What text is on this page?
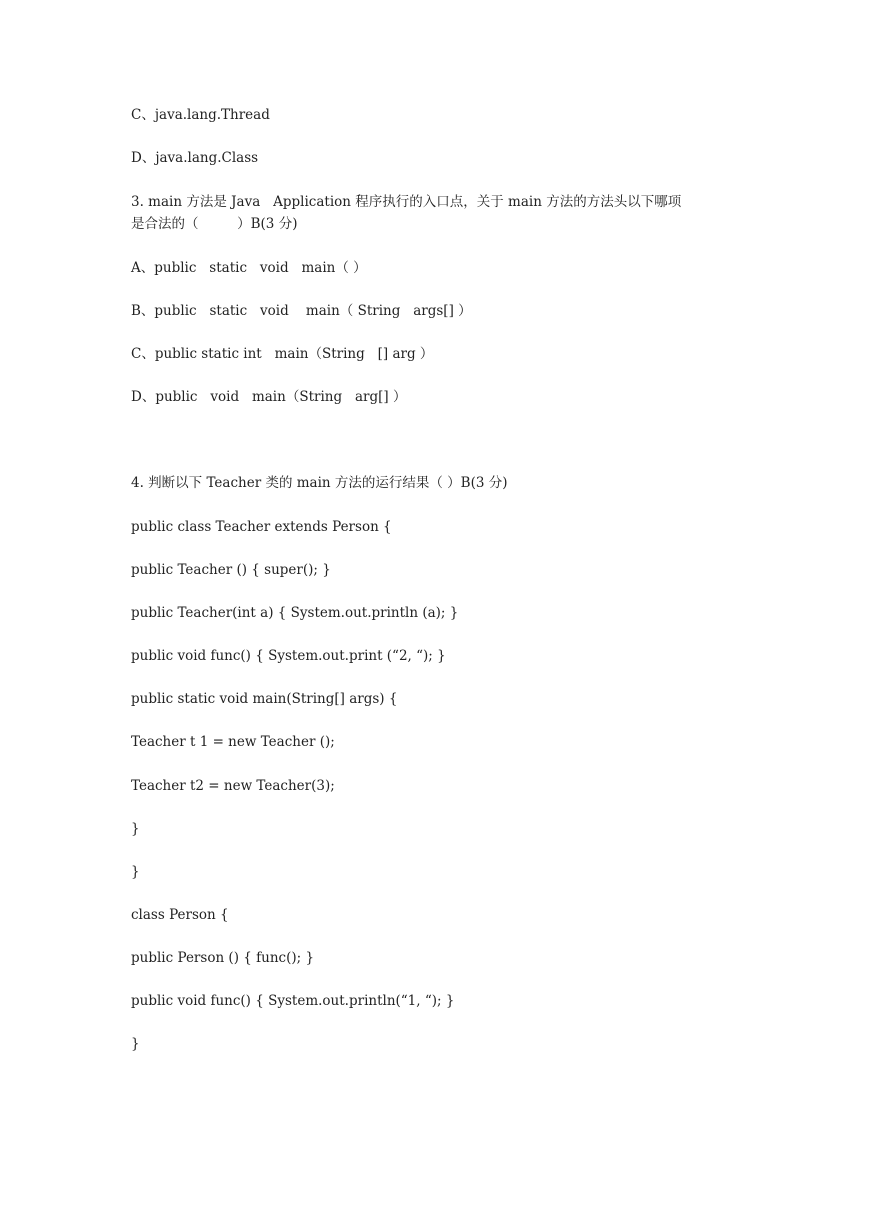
C、java.lang.Thread
D、java.lang.Class
3. main 方法是 Java   Application 程序执行的入口点，关于 main 方法的方法头以下哪项
是合法的（         ）B(3 分)
A、public   static   void   main（ ）
B、public   static   void    main（ String   args[] ）
C、public static int   main（String   [] arg ）
D、public   void   main（String   arg[] ）
4. 判断以下 Teacher 类的 main 方法的运行结果（ ）B(3 分)
public class Teacher extends Person {
public Teacher () { super(); }
public Teacher(int a) { System.out.println (a); }
public void func() { System.out.print (“2, “); }
public static void main(String[] args) {
Teacher t 1 = new Teacher ();
Teacher t2 = new Teacher(3);
}
}
class Person {
public Person () { func(); }
public void func() { System.out.println(“1, “); }
}
